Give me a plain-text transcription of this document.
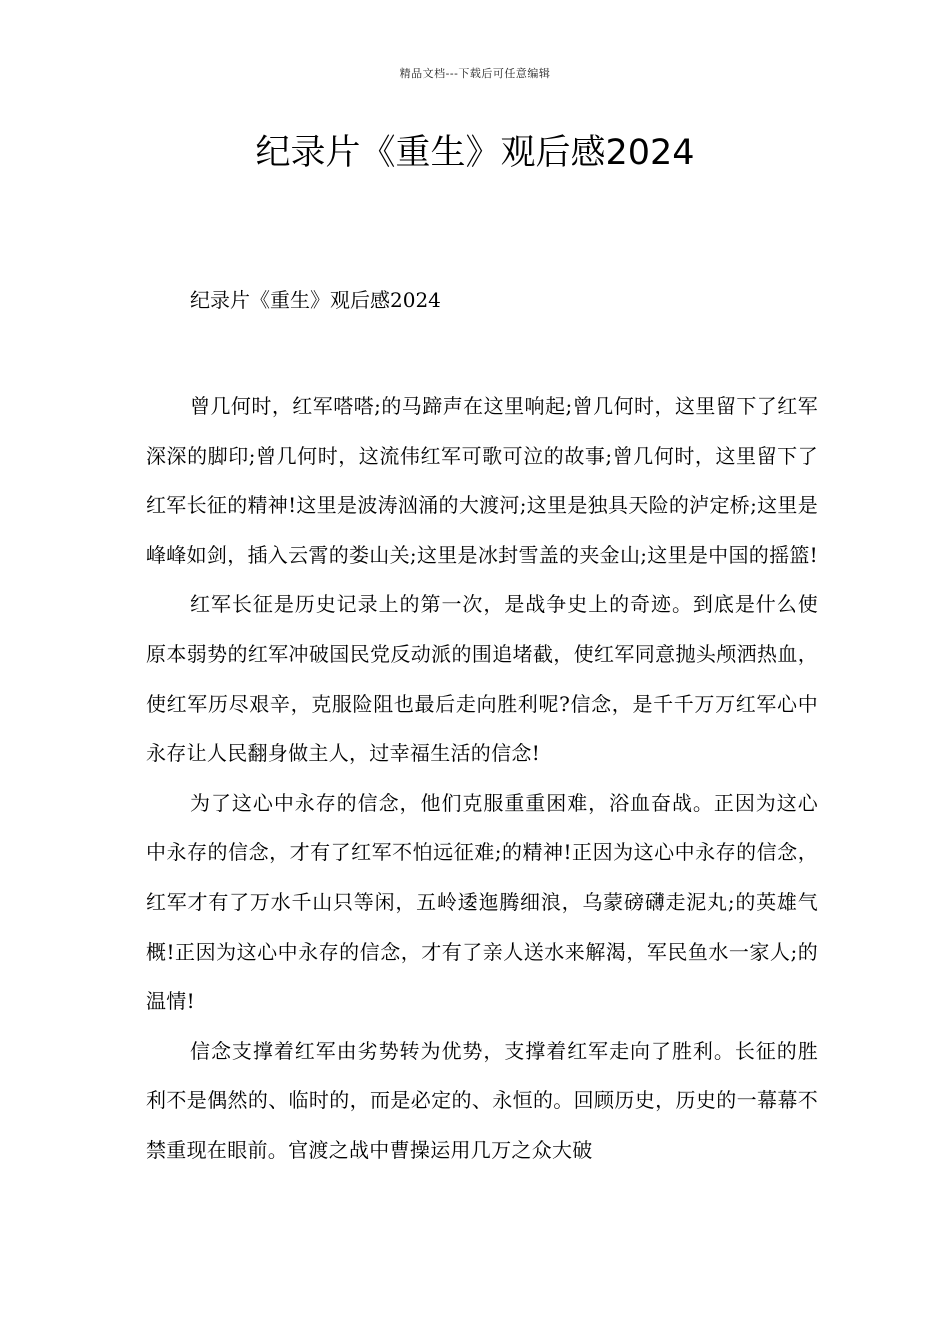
精品文档---下载后可任意编辑
纪录片《重生》观后感2024

纪录片《重生》观后感2024

曾几何时，红军嗒嗒;的马蹄声在这里响起;曾几何时，这里留下了红军深深的脚印;曾几何时，这流伟红军可歌可泣的故事;曾几何时，这里留下了红军长征的精神!这里是波涛汹涌的大渡河;这里是独具天险的泸定桥;这里是峰峰如剑，插入云霄的娄山关;这里是冰封雪盖的夹金山;这里是中国的摇篮!

红军长征是历史记录上的第一次，是战争史上的奇迹。到底是什么使原本弱势的红军冲破国民党反动派的围追堵截，使红军同意抛头颅洒热血，使红军历尽艰辛，克服险阻也最后走向胜利呢?信念，是千千万万红军心中永存让人民翻身做主人，过幸福生活的信念!

为了这心中永存的信念，他们克服重重困难，浴血奋战。正因为这心中永存的信念，才有了红军不怕远征难;的精神!正因为这心中永存的信念，红军才有了万水千山只等闲，五岭逶迤腾细浪，乌蒙磅礴走泥丸;的英雄气概!正因为这心中永存的信念，才有了亲人送水来解渴，军民鱼水一家人;的温情!

信念支撑着红军由劣势转为优势，支撑着红军走向了胜利。长征的胜利不是偶然的、临时的，而是必定的、永恒的。回顾历史，历史的一幕幕不禁重现在眼前。官渡之战中曹操运用几万之众大破
